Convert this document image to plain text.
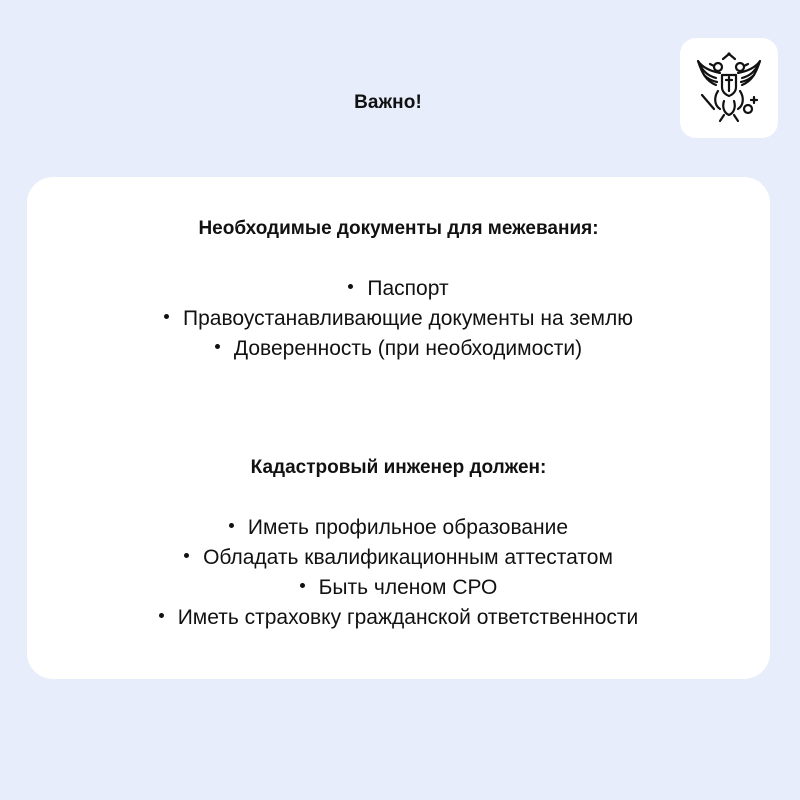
Важно!
Необходимые документы для межевания:
Паспорт
Правоустанавливающие документы на землю
Доверенность (при необходимости)
Кадастровый инженер должен:
Иметь профильное образование
Обладать квалификационным аттестатом
Быть членом СРО
Иметь страховку гражданской ответственности
